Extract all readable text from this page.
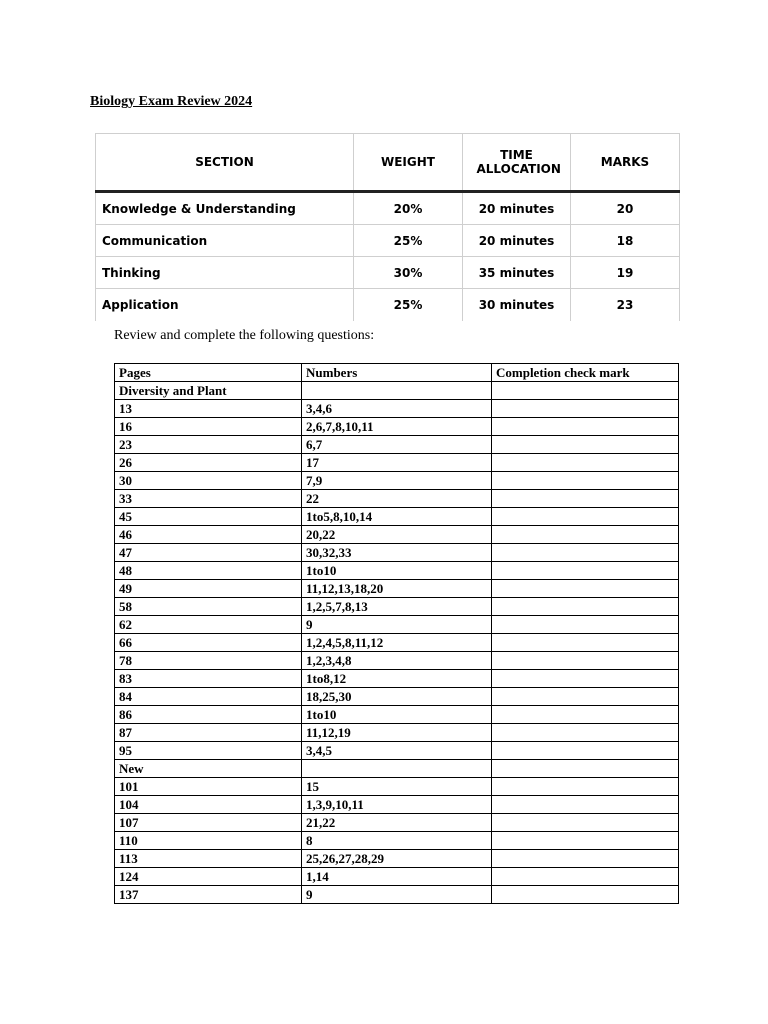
Biology Exam Review 2024
SECTION	WEIGHT	TIME ALLOCATION	MARKS
Knowledge & Understanding	20%	20 minutes	20
Communication	25%	20 minutes	18
Thinking	30%	35 minutes	19
Application	25%	30 minutes	23
Review and complete the following questions:
Pages	Numbers	Completion check mark
Diversity and Plant		
13	3,4,6	
16	2,6,7,8,10,11	
23	6,7	
26	17	
30	7,9	
33	22	
45	1to5,8,10,14	
46	20,22	
47	30,32,33	
48	1to10	
49	11,12,13,18,20	
58	1,2,5,7,8,13	
62	9	
66	1,2,4,5,8,11,12	
78	1,2,3,4,8	
83	1to8,12	
84	18,25,30	
86	1to10	
87	11,12,19	
95	3,4,5	
New		
101	15	
104	1,3,9,10,11	
107	21,22	
110	8	
113	25,26,27,28,29	
124	1,14	
137	9	
